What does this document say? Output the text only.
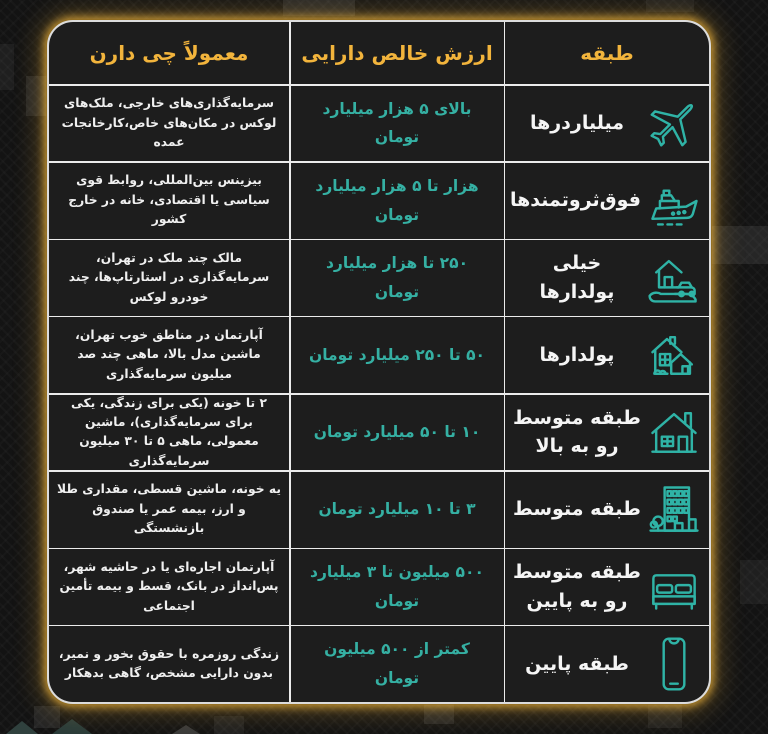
طبقه
ارزش خالص دارایی
معمولاً چی دارن
میلیاردرها

بالای ۵ هزار میلیارد تومان

سرمایه‌گذاری‌های خارجی، ملک‌های لوکس در مکان‌های خاص،کارخانجات عمده

فوق‌ثروتمندها

هزار تا ۵ هزار میلیارد تومان

بیزینس بین‌المللی، روابط قوی سیاسی یا اقتصادی، خانه در خارج کشور

خیلی پولدارها

۲۵۰ تا هزار میلیارد تومان

مالک چند ملک در تهران، سرمایه‌گذاری در استارتاپ‌ها، چند خودرو لوکس

پولدارها

۵۰ تا ۲۵۰ میلیارد تومان

آپارتمان در مناطق خوب تهران، ماشین مدل بالا، ماهی چند صد میلیون سرمایه‌گذاری

طبقه متوسط رو به بالا

۱۰ تا ۵۰ میلیارد تومان

۲ تا خونه (یکی برای زندگی، یکی برای سرمایه‌گذاری)، ماشین معمولی، ماهی ۵ تا ۳۰ میلیون سرمایه‌گذاری

طبقه متوسط

۳ تا ۱۰ میلیارد تومان

یه خونه، ماشین قسطی، مقداری طلا و ارز، بیمه عمر یا صندوق بازنشستگی

طبقه متوسط رو به پایین

۵۰۰ میلیون تا ۳ میلیارد تومان

آپارتمان اجاره‌ای یا در حاشیه شهر، پس‌انداز در بانک، قسط و بیمه تأمین اجتماعی

طبقه پایین

کمتر از ۵۰۰ میلیون تومان

زندگی روزمره با حقوق بخور و نمیر، بدون دارایی مشخص، گاهی بدهکار
